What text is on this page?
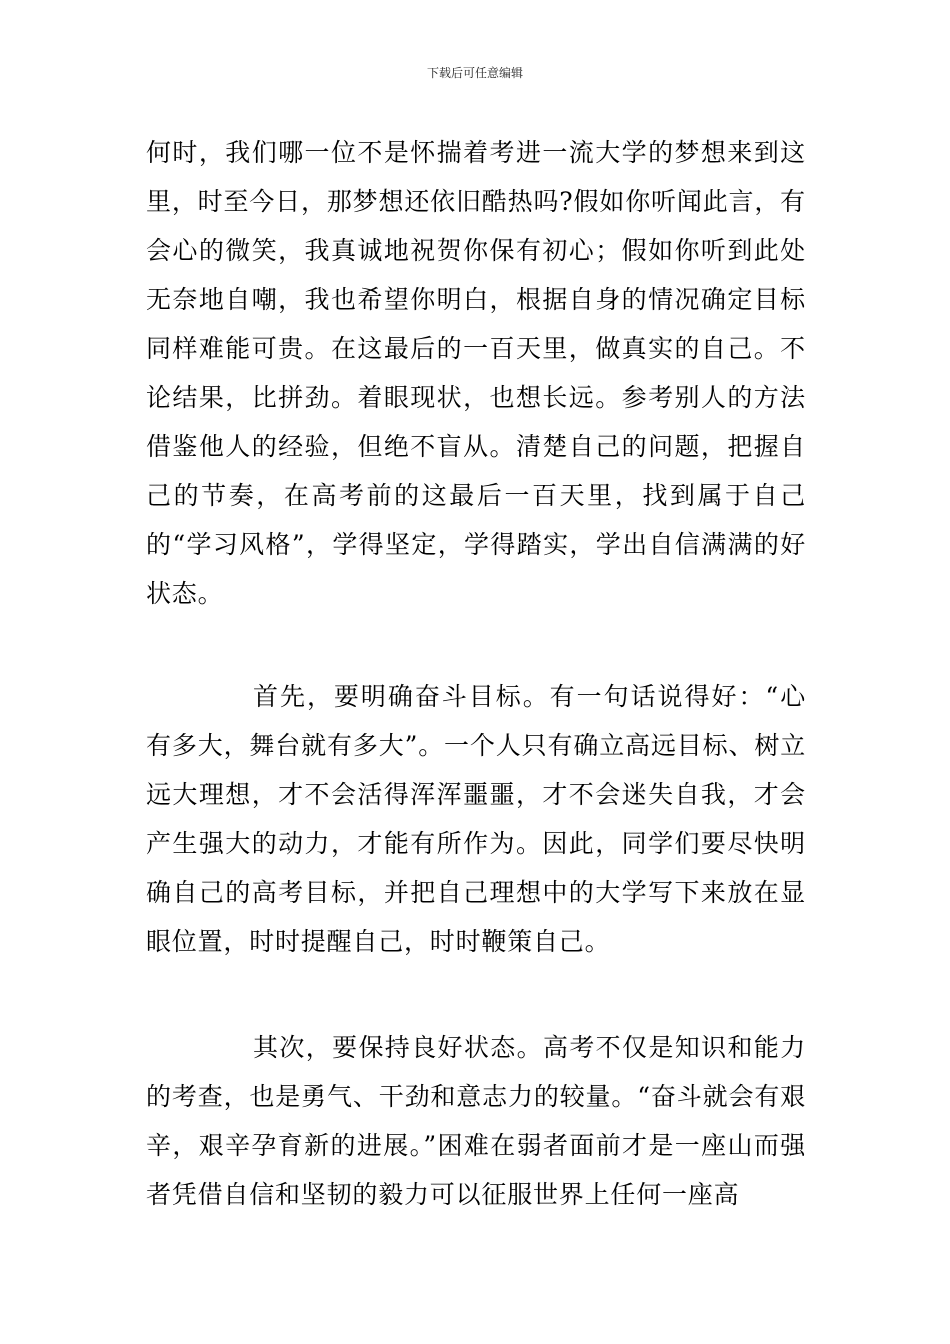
下载后可任意编辑
何时，我们哪一位不是怀揣着考进一流大学的梦想来到这里，时至今日，那梦想还依旧酷热吗?假如你听闻此言，有会心的微笑，我真诚地祝贺你保有初心；假如你听到此处无奈地自嘲，我也希望你明白，根据自身的情况确定目标同样难能可贵。在这最后的一百天里，做真实的自己。不论结果，比拼劲。着眼现状，也想长远。参考别人的方法借鉴他人的经验，但绝不盲从。清楚自己的问题，把握自己的节奏，在高考前的这最后一百天里，找到属于自己的“学习风格”，学得坚定，学得踏实，学出自信满满的好状态。
首先，要明确奋斗目标。有一句话说得好：“心有多大，舞台就有多大”。一个人只有确立高远目标、树立远大理想，才不会活得浑浑噩噩，才不会迷失自我，才会产生强大的动力，才能有所作为。因此，同学们要尽快明确自己的高考目标，并把自己理想中的大学写下来放在显眼位置，时时提醒自己，时时鞭策自己。
其次，要保持良好状态。高考不仅是知识和能力的考查，也是勇气、干劲和意志力的较量。“奋斗就会有艰辛，艰辛孕育新的进展。”困难在弱者面前才是一座山而强者凭借自信和坚韧的毅力可以征服世界上任何一座高
